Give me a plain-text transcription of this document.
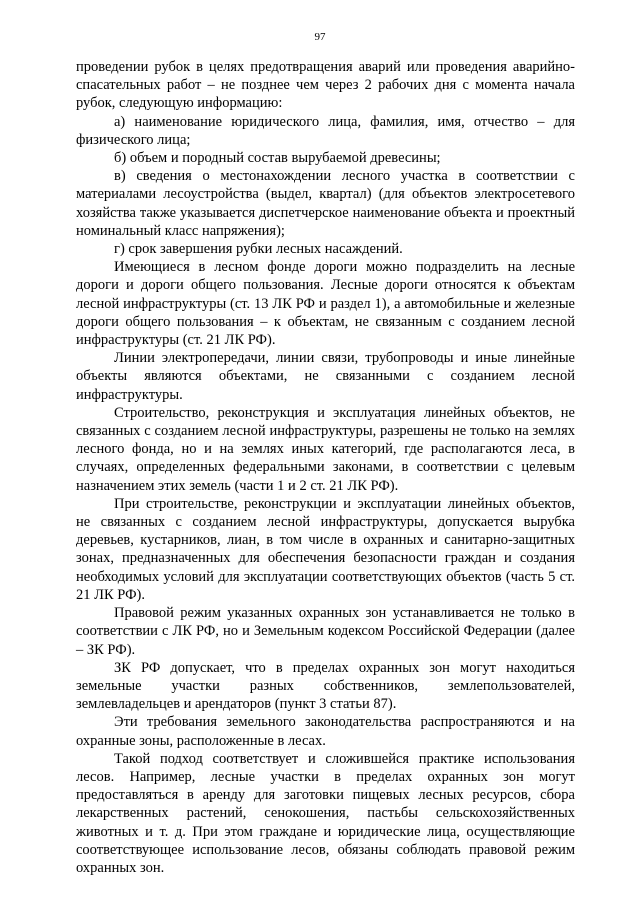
97

проведении рубок в целях предотвращения аварий или проведения аварийно-спасательных работ – не позднее чем через 2 рабочих дня с момента начала рубок, следующую информацию:

а) наименование юридического лица, фамилия, имя, отчество – для физического лица;

б) объем и породный состав вырубаемой древесины;

в) сведения о местонахождении лесного участка в соответствии с материалами лесоустройства (выдел, квартал) (для объектов электросетевого хозяйства также указывается диспетчерское наименование объекта и проектный номинальный класс напряжения);

г) срок завершения рубки лесных насаждений.

Имеющиеся в лесном фонде дороги можно подразделить на лесные дороги и дороги общего пользования. Лесные дороги относятся к объектам лесной инфраструктуры (ст. 13 ЛК РФ и раздел 1), а автомобильные и железные дороги общего пользования – к объектам, не связанным с созданием лесной инфраструктуры (ст. 21 ЛК РФ).

Линии электропередачи, линии связи, трубопроводы и иные линейные объекты являются объектами, не связанными с созданием лесной инфраструктуры.

Строительство, реконструкция и эксплуатация линейных объектов, не связанных с созданием лесной инфраструктуры, разрешены не только на землях лесного фонда, но и на землях иных категорий, где располагаются леса, в случаях, определенных федеральными законами, в соответствии с целевым назначением этих земель (части 1 и 2 ст. 21 ЛК РФ).

При строительстве, реконструкции и эксплуатации линейных объектов, не связанных с созданием лесной инфраструктуры, допускается вырубка деревьев, кустарников, лиан, в том числе в охранных и санитарно-защитных зонах, предназначенных для обеспечения безопасности граждан и создания необходимых условий для эксплуатации соответствующих объектов (часть 5 ст. 21 ЛК РФ).

Правовой режим указанных охранных зон устанавливается не только в соответствии с ЛК РФ, но и Земельным кодексом Российской Федерации (далее – ЗК РФ).

ЗК РФ допускает, что в пределах охранных зон могут находиться земельные участки разных собственников, землепользователей, землевладельцев и арендаторов (пункт 3 статьи 87).

Эти требования земельного законодательства распространяются и на охранные зоны, расположенные в лесах.

Такой подход соответствует и сложившейся практике использования лесов. Например, лесные участки в пределах охранных зон могут предоставляться в аренду для заготовки пищевых лесных ресурсов, сбора лекарственных растений, сенокошения, пастьбы сельскохозяйственных животных и т. д. При этом граждане и юридические лица, осуществляющие соответствующее использование лесов, обязаны соблюдать правовой режим охранных зон.
